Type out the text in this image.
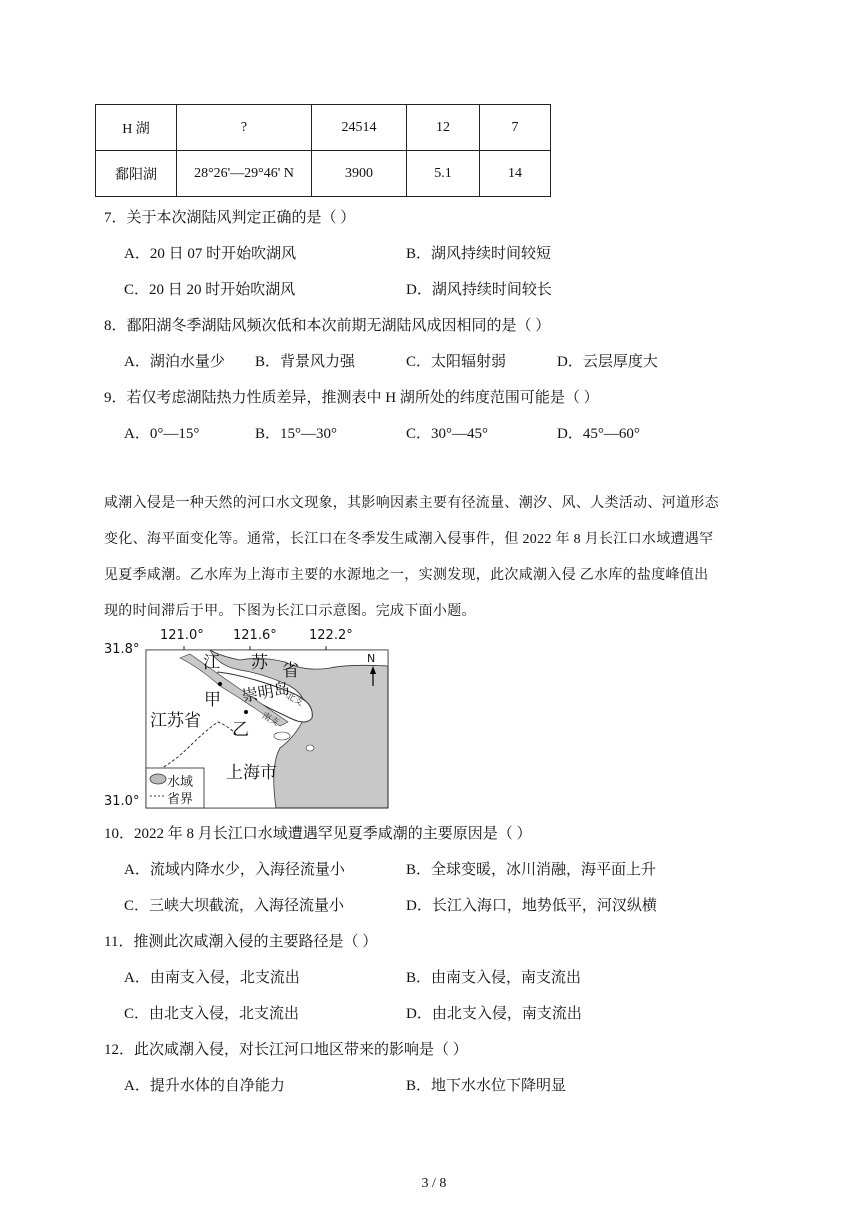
H 湖	?	24514	12	7
鄱阳湖	28°26'—29°46' N	3900	5.1	14
7．关于本次湖陆风判定正确的是（ ）
A．20 日 07 时开始吹湖风	B．湖风持续时间较短
C．20 日 20 时开始吹湖风	D．湖风持续时间较长
8．鄱阳湖冬季湖陆风频次低和本次前期无湖陆风成因相同的是（ ）
A．湖泊水量少 B．背景风力强	C．太阳辐射弱	D．云层厚度大
9．若仅考虑湖陆热力性质差异，推测表中 H 湖所处的纬度范围可能是（ ）
A．0°—15°	B．15°—30°	C．30°—45°	D．45°—60°
咸潮入侵是一种天然的河口水文现象，其影响因素主要有径流量、潮汐、风、人类活动、河道形态
变化、海平面变化等。通常，长江口在冬季发生咸潮入侵事件，但 2022 年 8 月长江口水域遭遇罕
见夏季咸潮。乙水库为上海市主要的水源地之一，实测发现，此次咸潮入侵 乙水库的盐度峰值出
现的时间滞后于甲。下图为长江口示意图。完成下面小题。
121.0° 121.6° 122.2°
31.8°
31.0°
江 苏 省
甲
乙
崇明岛
北支
南支
江苏省
上海市
N
水域
省界
10．2022 年 8 月长江口水域遭遇罕见夏季咸潮的主要原因是（ ）
A．流域内降水少，入海径流量小	B．全球变暖，冰川消融，海平面上升
C．三峡大坝截流，入海径流量小	D．长江入海口，地势低平，河汊纵横
11．推测此次咸潮入侵的主要路径是（ ）
A．由南支入侵，北支流出	B．由南支入侵，南支流出
C．由北支入侵，北支流出	D．由北支入侵，南支流出
12．此次咸潮入侵，对长江河口地区带来的影响是（ ）
A．提升水体的自净能力	B．地下水水位下降明显
3 / 8
